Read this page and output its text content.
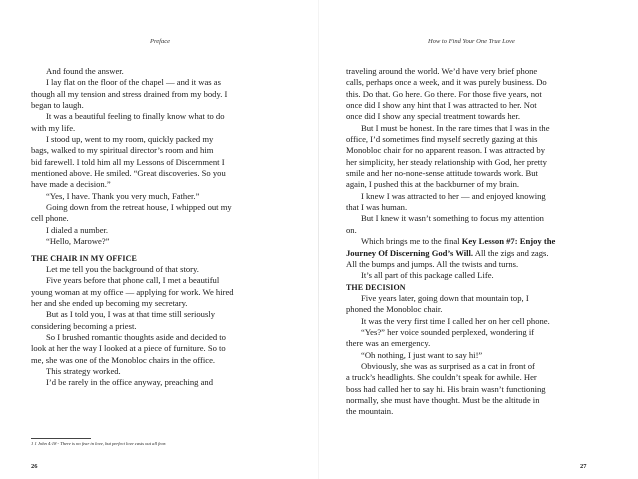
Preface
And found the answer.
I lay flat on the floor of the chapel — and it was as
though all my tension and stress drained from my body. I
began to laugh.
It was a beautiful feeling to finally know what to do
with my life.
I stood up, went to my room, quickly packed my
bags, walked to my spiritual director’s room and him
bid farewell. I told him all my Lessons of Discernment I
mentioned above. He smiled. “Great discoveries. So you
have made a decision.”
“Yes, I have. Thank you very much, Father.”
Going down from the retreat house, I whipped out my
cell phone.
I dialed a number.
“Hello, Marowe?”
THE CHAIR IN MY OFFICE
Let me tell you the background of that story.
Five years before that phone call, I met a beautiful
young woman at my office — applying for work. We hired
her and she ended up becoming my secretary.
But as I told you, I was at that time still seriously
considering becoming a priest.
So I brushed romantic thoughts aside and decided to
look at her the way I looked at a piece of furniture. So to
me, she was one of the Monobloc chairs in the office.
This strategy worked.
I’d be rarely in the office anyway, preaching and
1 1 John 4:18 - There is no fear in love, but perfect love casts out all fear.
26
How to Find Your One True Love
traveling around the world. We’d have very brief phone
calls, perhaps once a week, and it was purely business. Do
this. Do that. Go here. Go there. For those five years, not
once did I show any hint that I was attracted to her. Not
once did I show any special treatment towards her.
But I must be honest. In the rare times that I was in the
office, I’d sometimes find myself secretly gazing at this
Monobloc chair for no apparent reason. I was attracted by
her simplicity, her steady relationship with God, her pretty
smile and her no-none-sense attitude towards work. But
again, I pushed this at the backburner of my brain.
I knew I was attracted to her — and enjoyed knowing
that I was human.
But I knew it wasn’t something to focus my attention
on.
Which brings me to the final Key Lesson #7: Enjoy the
Journey Of Discerning God’s Will. All the zigs and zags.
All the bumps and jumps. All the twists and turns.
It’s all part of this package called Life.
THE DECISION
Five years later, going down that mountain top, I
phoned the Monobloc chair.
It was the very first time I called her on her cell phone.
“Yes?” her voice sounded perplexed, wondering if
there was an emergency.
“Oh nothing, I just want to say hi!”
Obviously, she was as surprised as a cat in front of
a truck’s headlights. She couldn’t speak for awhile. Her
boss had called her to say hi. His brain wasn’t functioning
normally, she must have thought. Must be the altitude in
the mountain.
27
